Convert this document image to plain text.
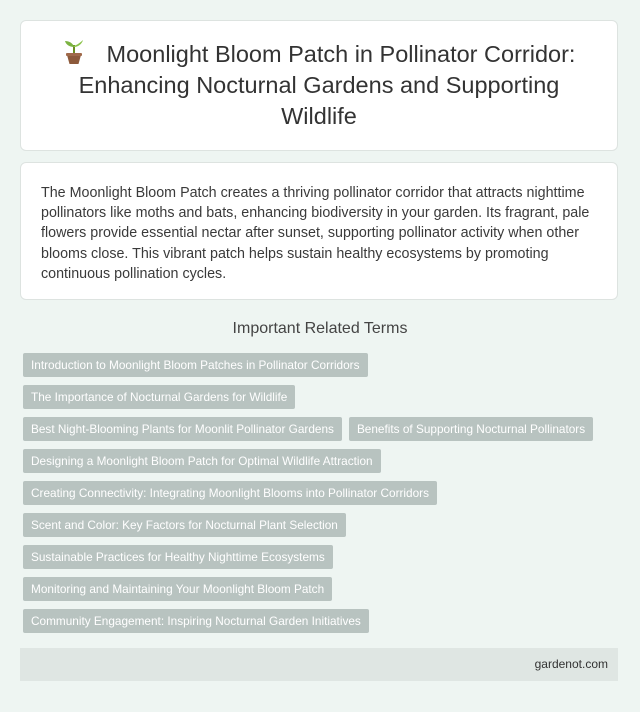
Moonlight Bloom Patch in Pollinator Corridor: Enhancing Nocturnal Gardens and Supporting Wildlife

The Moonlight Bloom Patch creates a thriving pollinator corridor that attracts nighttime pollinators like moths and bats, enhancing biodiversity in your garden. Its fragrant, pale flowers provide essential nectar after sunset, supporting pollinator activity when other blooms close. This vibrant patch helps sustain healthy ecosystems by promoting continuous pollination cycles.

Important Related Terms
Introduction to Moonlight Bloom Patches in Pollinator Corridors
The Importance of Nocturnal Gardens for Wildlife
Best Night-Blooming Plants for Moonlit Pollinator Gardens	Benefits of Supporting Nocturnal Pollinators
Designing a Moonlight Bloom Patch for Optimal Wildlife Attraction
Creating Connectivity: Integrating Moonlight Blooms into Pollinator Corridors
Scent and Color: Key Factors for Nocturnal Plant Selection
Sustainable Practices for Healthy Nighttime Ecosystems
Monitoring and Maintaining Your Moonlight Bloom Patch
Community Engagement: Inspiring Nocturnal Garden Initiatives
gardenot.com
